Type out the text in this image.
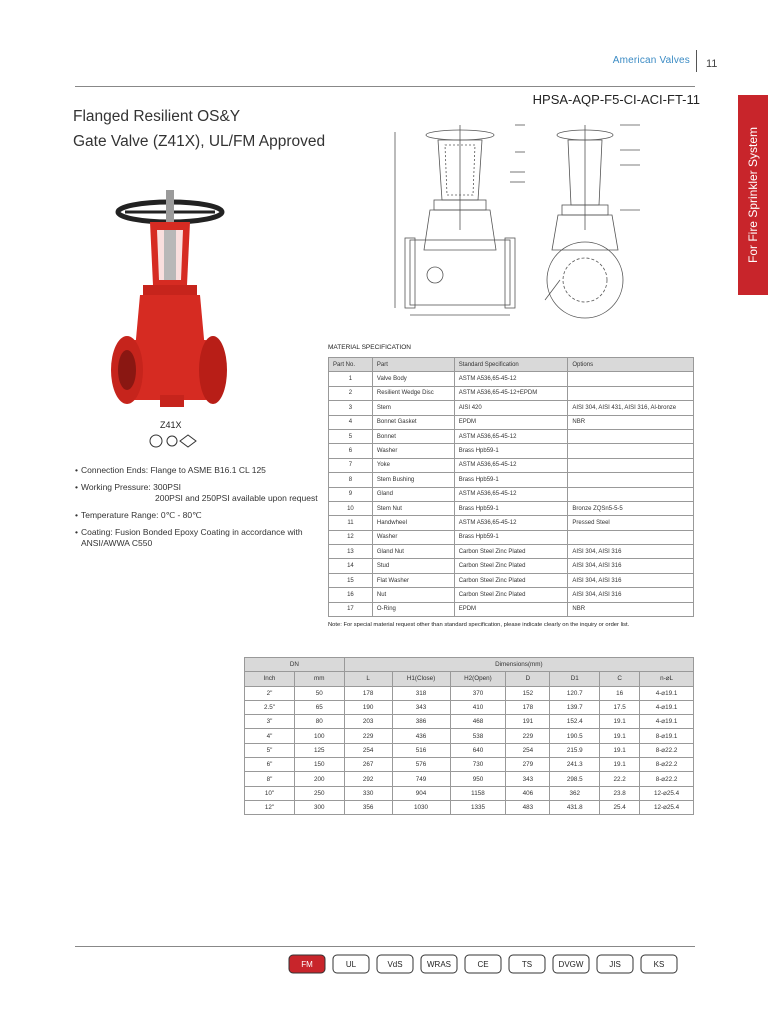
American Valves 11
For Fire Sprinkler System
HPSA-AQP-F5-CI-ACI-FT-11
Flanged Resilient OS&Y
Gate Valve (Z41X), UL/FM Approved
Z41X
• Connection Ends: Flange to ASME B16.1 CL 125
• Working Pressure: 300PSI
200PSI and 250PSI available upon request
• Temperature Range: 0℃ - 80℃
• Coating: Fusion Bonded Epoxy Coating in accordance with
ANSI/AWWA C550
MATERIAL SPECIFICATION
Part No.	Part	Standard Specification	Options
1	Valve Body	ASTM A536,65-45-12	
2	Resilient Wedge Disc	ASTM A536,65-45-12+EPDM	
3	Stem	AISI 420	AISI 304, AISI 431, AISI 316, Al-bronze
4	Bonnet Gasket	EPDM	NBR
5	Bonnet	ASTM A536,65-45-12	
6	Washer	Brass Hpb59-1	
7	Yoke	ASTM A536,65-45-12	
8	Stem Bushing	Brass Hpb59-1	
9	Gland	ASTM A536,65-45-12	
10	Stem Nut	Brass Hpb59-1	Bronze ZQSn5-5-5
11	Handwheel	ASTM A536,65-45-12	Pressed Steel
12	Washer	Brass Hpb59-1	
13	Gland Nut	Carbon Steel Zinc Plated	AISI 304, AISI 316
14	Stud	Carbon Steel Zinc Plated	AISI 304, AISI 316
15	Flat Washer	Carbon Steel Zinc Plated	AISI 304, AISI 316
16	Nut	Carbon Steel Zinc Plated	AISI 304, AISI 316
17	O-Ring	EPDM	NBR
Note: For special material request other than standard specification, please indicate clearly on the inquiry or order list.
DN		Dimensions(mm)						
Inch	mm	L	H1(Close)	H2(Open)	D	D1	C	n-⌀L
2"	50	178	318	370	152	120.7	16	4-⌀19.1
2.5"	65	190	343	410	178	139.7	17.5	4-⌀19.1
3"	80	203	386	468	191	152.4	19.1	4-⌀19.1
4"	100	229	436	538	229	190.5	19.1	8-⌀19.1
5"	125	254	516	640	254	215.9	19.1	8-⌀22.2
6"	150	267	576	730	279	241.3	19.1	8-⌀22.2
8"	200	292	749	950	343	298.5	22.2	8-⌀22.2
10"	250	330	904	1158	406	362	23.8	12-⌀25.4
12"	300	356	1030	1335	483	431.8	25.4	12-⌀25.4
FM	UL	VdS	WRAS	CE	TS	DVGW	JIS	KS
